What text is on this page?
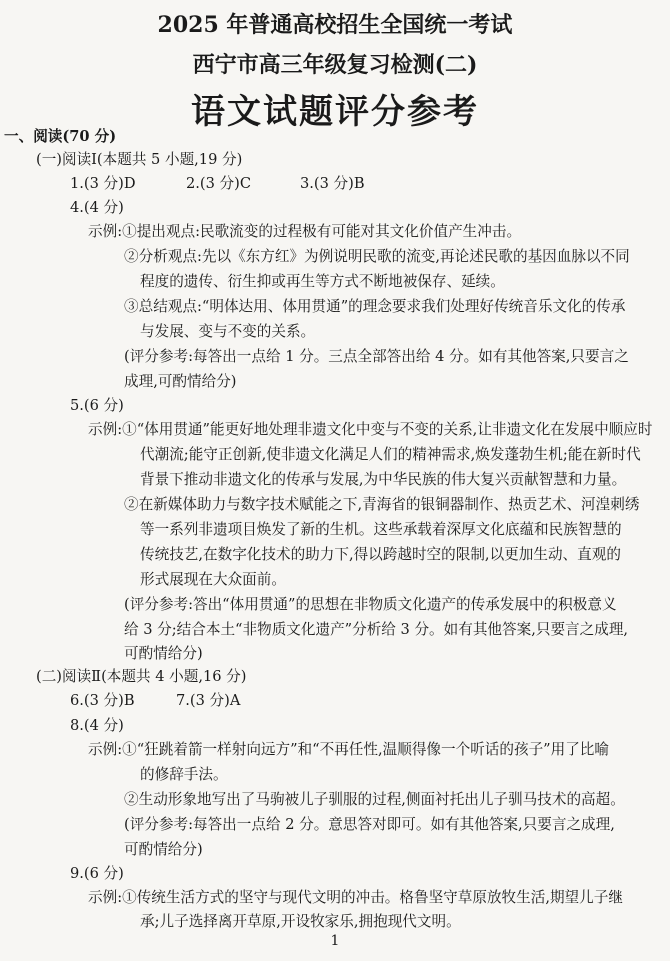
2025 年普通高校招生全国统一考试
西宁市高三年级复习检测(二)
语文试题评分参考
一、阅读(70 分)
(一)阅读Ⅰ(本题共 5 小题,19 分)
1.(3 分)D	2.(3 分)C	3.(3 分)B
4.(4 分)
示例:①提出观点:民歌流变的过程极有可能对其文化价值产生冲击。
②分析观点:先以《东方红》为例说明民歌的流变,再论述民歌的基因血脉以不同
程度的遗传、衍生抑或再生等方式不断地被保存、延续。
③总结观点:“明体达用、体用贯通”的理念要求我们处理好传统音乐文化的传承
与发展、变与不变的关系。
(评分参考:每答出一点给 1 分。三点全部答出给 4 分。如有其他答案,只要言之
成理,可酌情给分)
5.(6 分)
示例:①“体用贯通”能更好地处理非遗文化中变与不变的关系,让非遗文化在发展中顺应时
代潮流;能守正创新,使非遗文化满足人们的精神需求,焕发蓬勃生机;能在新时代
背景下推动非遗文化的传承与发展,为中华民族的伟大复兴贡献智慧和力量。
②在新媒体助力与数字技术赋能之下,青海省的银铜器制作、热贡艺术、河湟刺绣
等一系列非遗项目焕发了新的生机。这些承载着深厚文化底蕴和民族智慧的
传统技艺,在数字化技术的助力下,得以跨越时空的限制,以更加生动、直观的
形式展现在大众面前。
(评分参考:答出“体用贯通”的思想在非物质文化遗产的传承发展中的积极意义
给 3 分;结合本土“非物质文化遗产”分析给 3 分。如有其他答案,只要言之成理,
可酌情给分)
(二)阅读Ⅱ(本题共 4 小题,16 分)
6.(3 分)B	7.(3 分)A
8.(4 分)
示例:①“狂跳着箭一样射向远方”和“不再任性,温顺得像一个听话的孩子”用了比喻
的修辞手法。
②生动形象地写出了马驹被儿子驯服的过程,侧面衬托出儿子驯马技术的高超。
(评分参考:每答出一点给 2 分。意思答对即可。如有其他答案,只要言之成理,
可酌情给分)
9.(6 分)
示例:①传统生活方式的坚守与现代文明的冲击。格鲁坚守草原放牧生活,期望儿子继
承;儿子选择离开草原,开设牧家乐,拥抱现代文明。
1
